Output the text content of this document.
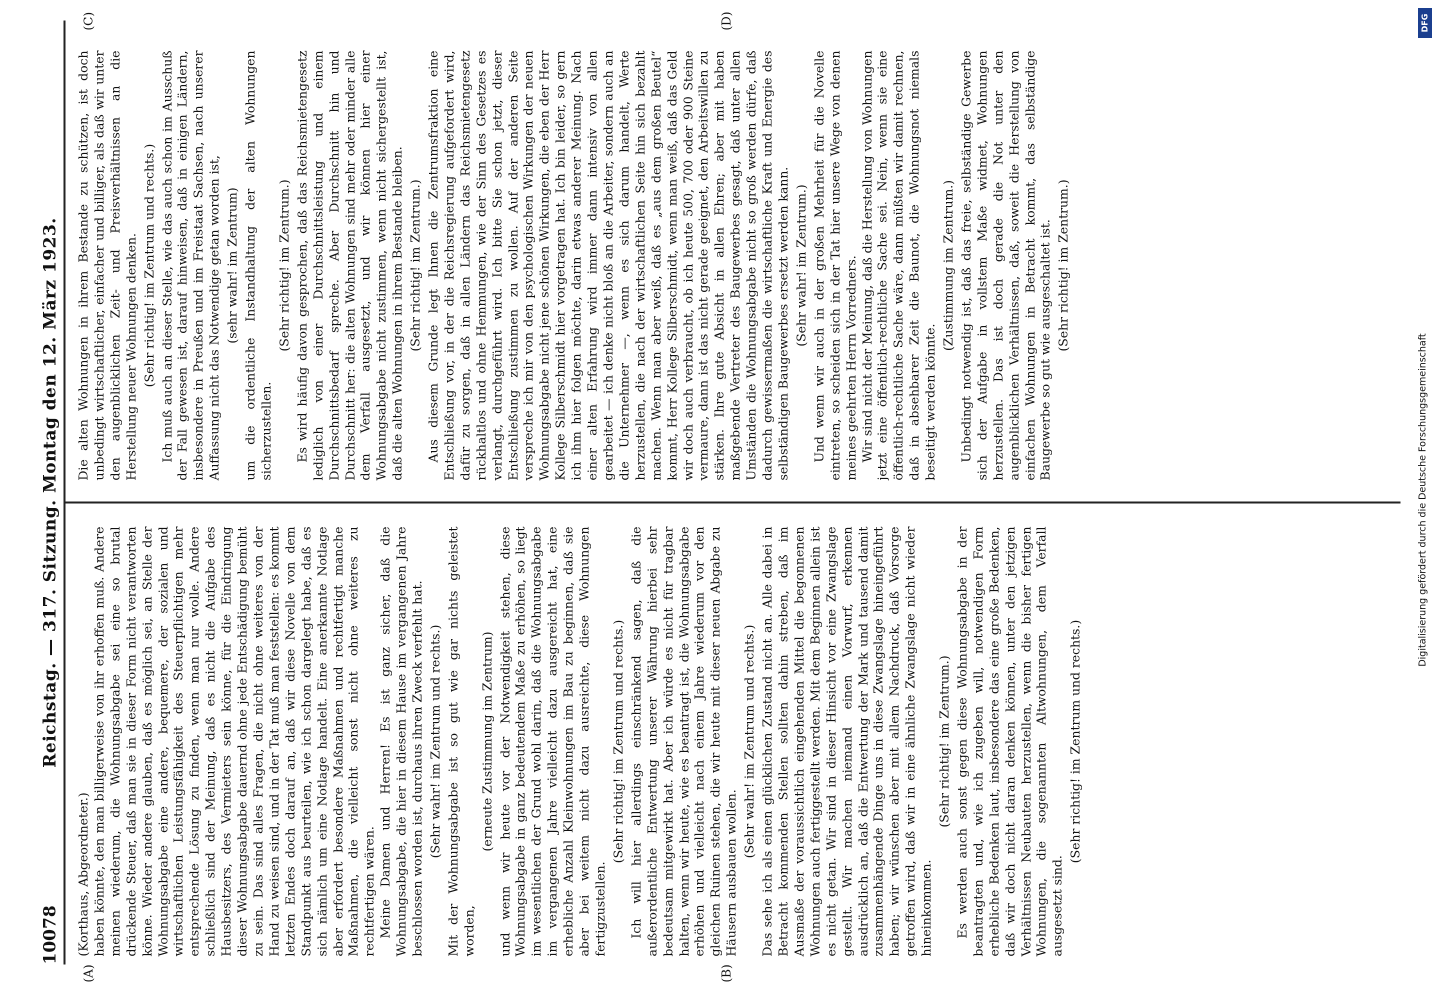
10078
Reichstag. — 317. Sitzung. Montag den 12. März 1923.
(A)	(B)
(C)	(D)

(Korthaus, Abgeordneter.) haben könnte, den man billigerweise von ihr erhoffen muß. Andere meinen wiederum, die Wohnungsabgabe sei eine so brutal drückende Steuer, daß man sie in dieser Form nicht verantworten könne. Wieder andere glauben, daß es möglich sei, an Stelle der Wohnungsabgabe eine andere, bequemere, der sozialen und wirtschaftlichen Leistungsfähigkeit des Steuerpflichtigen mehr entsprechende Lösung zu finden, wenn man nur wolle. Andere schließlich sind der Meinung, daß es nicht die Aufgabe des Hausbesitzers, des Vermieters sein könne, für die Eindringung dieser Wohnungsabgabe dauernd ohne jede Entschädigung bemüht zu sein. Das sind alles Fragen, die nicht ohne weiteres von der Hand zu weisen sind, und in der Tat muß man feststellen: es kommt letzten Endes doch darauf an, daß wir diese Novelle von dem Standpunkt aus beurteilen, wie ich schon dargelegt habe, daß es sich nämlich um eine Notlage handelt. Eine anerkannte Notlage aber erfordert besondere Maßnahmen und rechtfertigt manche Maßnahmen, die vielleicht sonst nicht ohne weiteres zu rechtfertigen wären. Meine Damen und Herren! Es ist ganz sicher, daß die Wohnungsabgabe, die hier in diesem Hause im vergangenen Jahre beschlossen worden ist, durchaus ihren Zweck verfehlt hat. (Sehr wahr! im Zentrum und rechts.) Mit der Wohnungsabgabe ist so gut wie gar nichts geleistet worden,

(erneute Zustimmung im Zentrum) und wenn wir heute vor der Notwendigkeit stehen, diese Wohnungsabgabe in ganz bedeutendem Maße zu erhöhen, so liegt im wesentlichen der Grund wohl darin, daß die Wohnungsabgabe im vergangenen Jahre vielleicht dazu ausgereicht hat, eine erhebliche Anzahl Kleinwohnungen im Bau zu beginnen, daß sie aber bei weitem nicht dazu ausreichte, diese Wohnungen fertigzustellen.

(Sehr richtig! im Zentrum und rechts.) Ich will hier allerdings einschränkend sagen, daß die außerordentliche Entwertung unserer Währung hierbei sehr bedeutsam mitgewirkt hat. Aber ich würde es nicht für tragbar halten, wenn wir heute, wie es beantragt ist, die Wohnungsabgabe erhöhen und vielleicht nach einem Jahre wiederum vor den gleichen Ruinen stehen, die wir heute mit dieser neuen Abgabe zu Häusern ausbauen wollen.

(Sehr wahr! im Zentrum und rechts.) Das sehe ich als einen glücklichen Zustand nicht an. Alle dabei in Betracht kommenden Stellen sollten dahin streben, daß im Ausmaße der voraussichtlich eingehenden Mittel die begonnenen Wohnungen auch fertiggestellt werden. Mit dem Beginnen allein ist es nicht getan. Wir sind in dieser Hinsicht vor eine Zwangslage gestellt. Wir machen niemand einen Vorwurf, erkennen ausdrücklich an, daß die Entwertung der Mark und tausend damit zusammenhängende Dinge uns in diese Zwangslage hineingeführt haben; wir wünschen aber mit allem Nachdruck, daß Vorsorge getroffen wird, daß wir in eine ähnliche Zwangslage nicht wieder hineinkommen.

(Sehr richtig! im Zentrum.) Es werden auch sonst gegen diese Wohnungsabgabe in der beantragten und, wie ich zugeben will, notwendigen Form erhebliche Bedenken laut, insbesondere das eine große Bedenken, daß wir doch nicht daran denken können, unter den jetzigen Verhältnissen Neubauten herzustellen, wenn die bisher fertigen Wohnungen, die sogenannten Altwohnungen, dem Verfall ausgesetzt sind.

(Sehr richtig! im Zentrum und rechts.)

Die alten Wohnungen in ihrem Bestande zu schützen, ist doch unbedingt wirtschaftlicher, einfacher und billiger, als daß wir unter den augenblicklichen Zeit- und Preisverhältnissen an die Herstellung neuer Wohnungen denken. (Sehr richtig! im Zentrum und rechts.) Ich muß auch an dieser Stelle, wie das auch schon im Ausschuß der Fall gewesen ist, darauf hinweisen, daß in einigen Ländern, insbesondere in Preußen und im Freistaat Sachsen, nach unserer Auffassung nicht das Notwendige getan worden ist, (sehr wahr! im Zentrum) um die ordentliche Instandhaltung der alten Wohnungen sicherzustellen.

(Sehr richtig! im Zentrum.) Es wird häufig davon gesprochen, daß das Reichsmietengesetz lediglich von einer Durchschnittsleistung und einem Durchschnittsbedarf spreche. Aber Durchschnitt hin und Durchschnitt her: die alten Wohnungen sind mehr oder minder alle dem Verfall ausgesetzt, und wir können hier einer Wohnungsabgabe nicht zustimmen, wenn nicht sichergestellt ist, daß die alten Wohnungen in ihrem Bestande bleiben. (Sehr richtig! im Zentrum.) Aus diesem Grunde legt Ihnen die Zentrumsfraktion eine Entschließung vor, in der die Reichsregierung aufgefordert wird, dafür zu sorgen, daß in allen Ländern das Reichsmietengesetz rückhaltlos und ohne Hemmungen, wie der Sinn des Gesetzes es verlangt, durchgeführt wird. Ich bitte Sie schon jetzt, dieser Entschließung zustimmen zu wollen. Auf der anderen Seite verspreche ich mir von den psychologischen Wirkungen der neuen Wohnungsabgabe nicht jene schönen Wirkungen, die eben der Herr Kollege Silberschmidt hier vorgetragen hat. Ich bin leider, so gern ich ihm hier folgen möchte, darin etwas anderer Meinung. Nach einer alten Erfahrung wird immer dann intensiv von allen gearbeitet — ich denke nicht bloß an die Arbeiter, sondern auch an die Unternehmer —, wenn es sich darum handelt, Werte herzustellen, die nach der wirtschaftlichen Seite hin sich bezahlt machen. Wenn man aber weiß, daß es „aus dem großen Beutel“ kommt, Herr Kollege Silberschmidt, wenn man weiß, daß das Geld wir doch auch verbraucht, ob ich heute 500, 700 oder 900 Steine vermaure, dann ist das nicht gerade geeignet, den Arbeitswillen zu stärken. Ihre gute Absicht in allen Ehren; aber mit haben maßgebende Vertreter des Baugewerbes gesagt, daß unter allen Umständen die Wohnungsabgabe nicht so groß werden dürfe, daß dadurch gewissermaßen die wirtschaftliche Kraft und Energie des selbständigen Baugewerbes ersetzt werden kann. (Sehr wahr! im Zentrum.) Und wenn wir auch in der großen Mehrheit für die Novelle eintreten, so scheiden sich in der Tat hier unsere Wege von denen meines geehrten Herrn Vorredners. Wir sind nicht der Meinung, daß die Herstellung von Wohnungen jetzt eine öffentlich-rechtliche Sache sei. Nein, wenn sie eine öffentlich-rechtliche Sache wäre, dann müßten wir damit rechnen, daß in absehbarer Zeit die Baunot, die Wohnungsnot niemals beseitigt werden könnte.

(Zustimmung im Zentrum.) Unbedingt notwendig ist, daß das freie, selbständige Gewerbe sich der Aufgabe in vollstem Maße widmet, Wohnungen herzustellen. Das ist doch gerade die Not unter den augenblicklichen Verhältnissen, daß, soweit die Herstellung von einfachen Wohnungen in Betracht kommt, das selbständige Baugewerbe so gut wie ausgeschaltet ist. (Sehr richtig! im Zentrum.)

Digitalisierung gefördert durch die Deutsche Forschungsgemeinschaft
DFG
